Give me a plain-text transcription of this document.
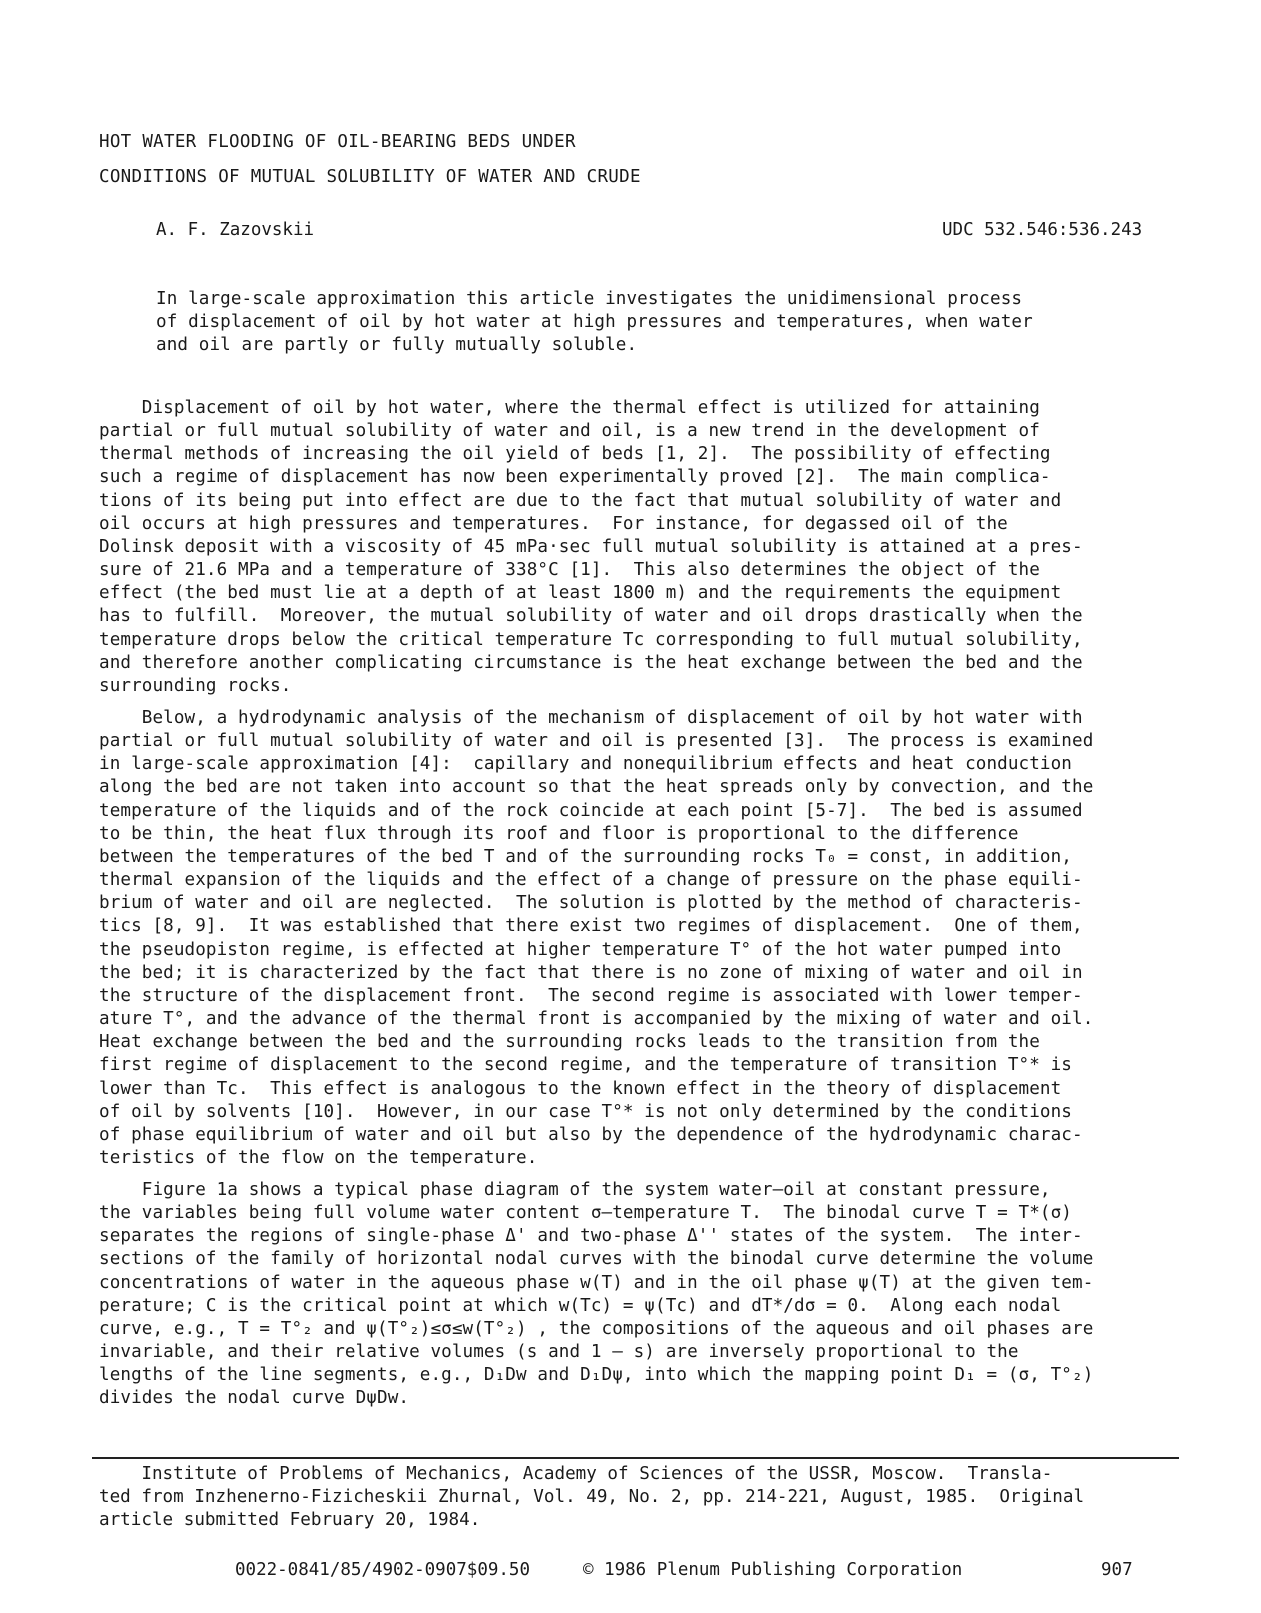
HOT WATER FLOODING OF OIL-BEARING BEDS UNDER
CONDITIONS OF MUTUAL SOLUBILITY OF WATER AND CRUDE
A. F. Zazovskii	UDC 532.546:536.243
In large-scale approximation this article investigates the unidimensional process
of displacement of oil by hot water at high pressures and temperatures, when water
and oil are partly or fully mutually soluble.
Displacement of oil by hot water, where the thermal effect is utilized for attaining
partial or full mutual solubility of water and oil, is a new trend in the development of
thermal methods of increasing the oil yield of beds [1, 2].  The possibility of effecting
such a regime of displacement has now been experimentally proved [2].  The main complica-
tions of its being put into effect are due to the fact that mutual solubility of water and
oil occurs at high pressures and temperatures.  For instance, for degassed oil of the
Dolinsk deposit with a viscosity of 45 mPa·sec full mutual solubility is attained at a pres-
sure of 21.6 MPa and a temperature of 338°C [1].  This also determines the object of the
effect (the bed must lie at a depth of at least 1800 m) and the requirements the equipment
has to fulfill.  Moreover, the mutual solubility of water and oil drops drastically when the
temperature drops below the critical temperature Tc corresponding to full mutual solubility,
and therefore another complicating circumstance is the heat exchange between the bed and the
surrounding rocks.
Below, a hydrodynamic analysis of the mechanism of displacement of oil by hot water with
partial or full mutual solubility of water and oil is presented [3].  The process is examined
in large-scale approximation [4]:  capillary and nonequilibrium effects and heat conduction
along the bed are not taken into account so that the heat spreads only by convection, and the
temperature of the liquids and of the rock coincide at each point [5-7].  The bed is assumed
to be thin, the heat flux through its roof and floor is proportional to the difference
between the temperatures of the bed T and of the surrounding rocks T₀ = const, in addition,
thermal expansion of the liquids and the effect of a change of pressure on the phase equili-
brium of water and oil are neglected.  The solution is plotted by the method of characteris-
tics [8, 9].  It was established that there exist two regimes of displacement.  One of them,
the pseudopiston regime, is effected at higher temperature T° of the hot water pumped into
the bed; it is characterized by the fact that there is no zone of mixing of water and oil in
the structure of the displacement front.  The second regime is associated with lower temper-
ature T°, and the advance of the thermal front is accompanied by the mixing of water and oil.
Heat exchange between the bed and the surrounding rocks leads to the transition from the
first regime of displacement to the second regime, and the temperature of transition T°* is
lower than Tc.  This effect is analogous to the known effect in the theory of displacement
of oil by solvents [10].  However, in our case T°* is not only determined by the conditions
of phase equilibrium of water and oil but also by the dependence of the hydrodynamic charac-
teristics of the flow on the temperature.
Figure 1a shows a typical phase diagram of the system water—oil at constant pressure,
the variables being full volume water content σ—temperature T.  The binodal curve T = T*(σ)
separates the regions of single-phase Δ' and two-phase Δ'' states of the system.  The inter-
sections of the family of horizontal nodal curves with the binodal curve determine the volume
concentrations of water in the aqueous phase w(T) and in the oil phase ψ(T) at the given tem-
perature; C is the critical point at which w(Tc) = ψ(Tc) and dT*/dσ = 0.  Along each nodal
curve, e.g., T = T°₂ and ψ(T°₂)≤σ≤w(T°₂) , the compositions of the aqueous and oil phases are
invariable, and their relative volumes (s and 1 — s) are inversely proportional to the
lengths of the line segments, e.g., D₁Dw and D₁Dψ, into which the mapping point D₁ = (σ, T°₂)
divides the nodal curve DψDw.
Institute of Problems of Mechanics, Academy of Sciences of the USSR, Moscow.  Transla-
ted from Inzhenerno-Fizicheskii Zhurnal, Vol. 49, No. 2, pp. 214-221, August, 1985.  Original
article submitted February 20, 1984.
0022-0841/85/4902-0907$09.50	© 1986 Plenum Publishing Corporation	907
